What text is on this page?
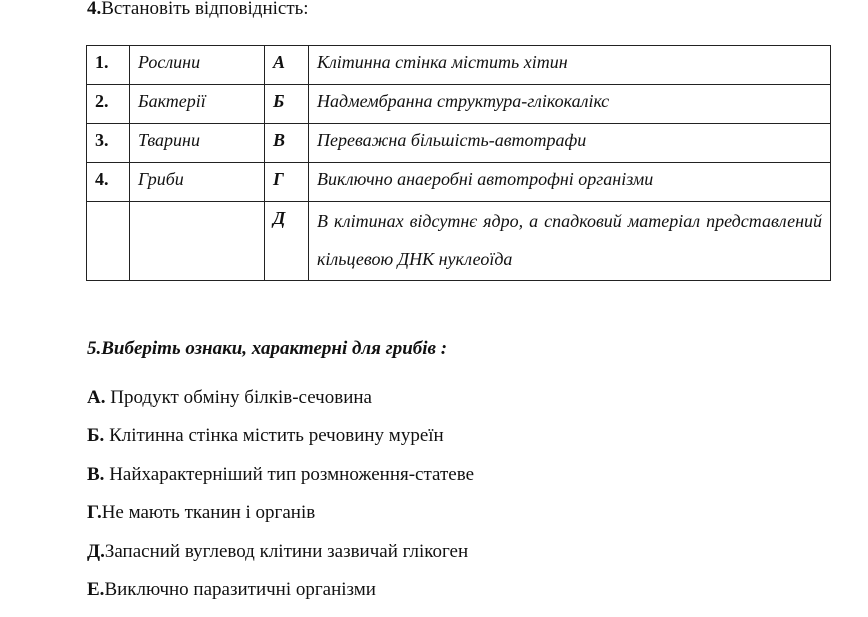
4.Встановіть відповідність:
1.	Рослини	А	Клітинна стінка містить хітин
2.	Бактерії	Б	Надмембранна структура-глікокалікс
3.	Тварини	В	Переважна більшість-автотрафи
4.	Гриби	Г	Виключно анаеробні автотрофні організми
		Д	В клітинах відсутнє ядро, а спадковий матеріал представлений кільцевою ДНК нуклеоїда
5.Виберіть ознаки, характерні для грибів :
А. Продукт обміну білків-сечовина
Б. Клітинна стінка містить речовину муреїн
В. Найхарактерніший тип розмноження-статеве
Г.Не мають тканин і органів
Д.Запасний вуглевод клітини зазвичай глікоген
Е.Виключно паразитичні організми
